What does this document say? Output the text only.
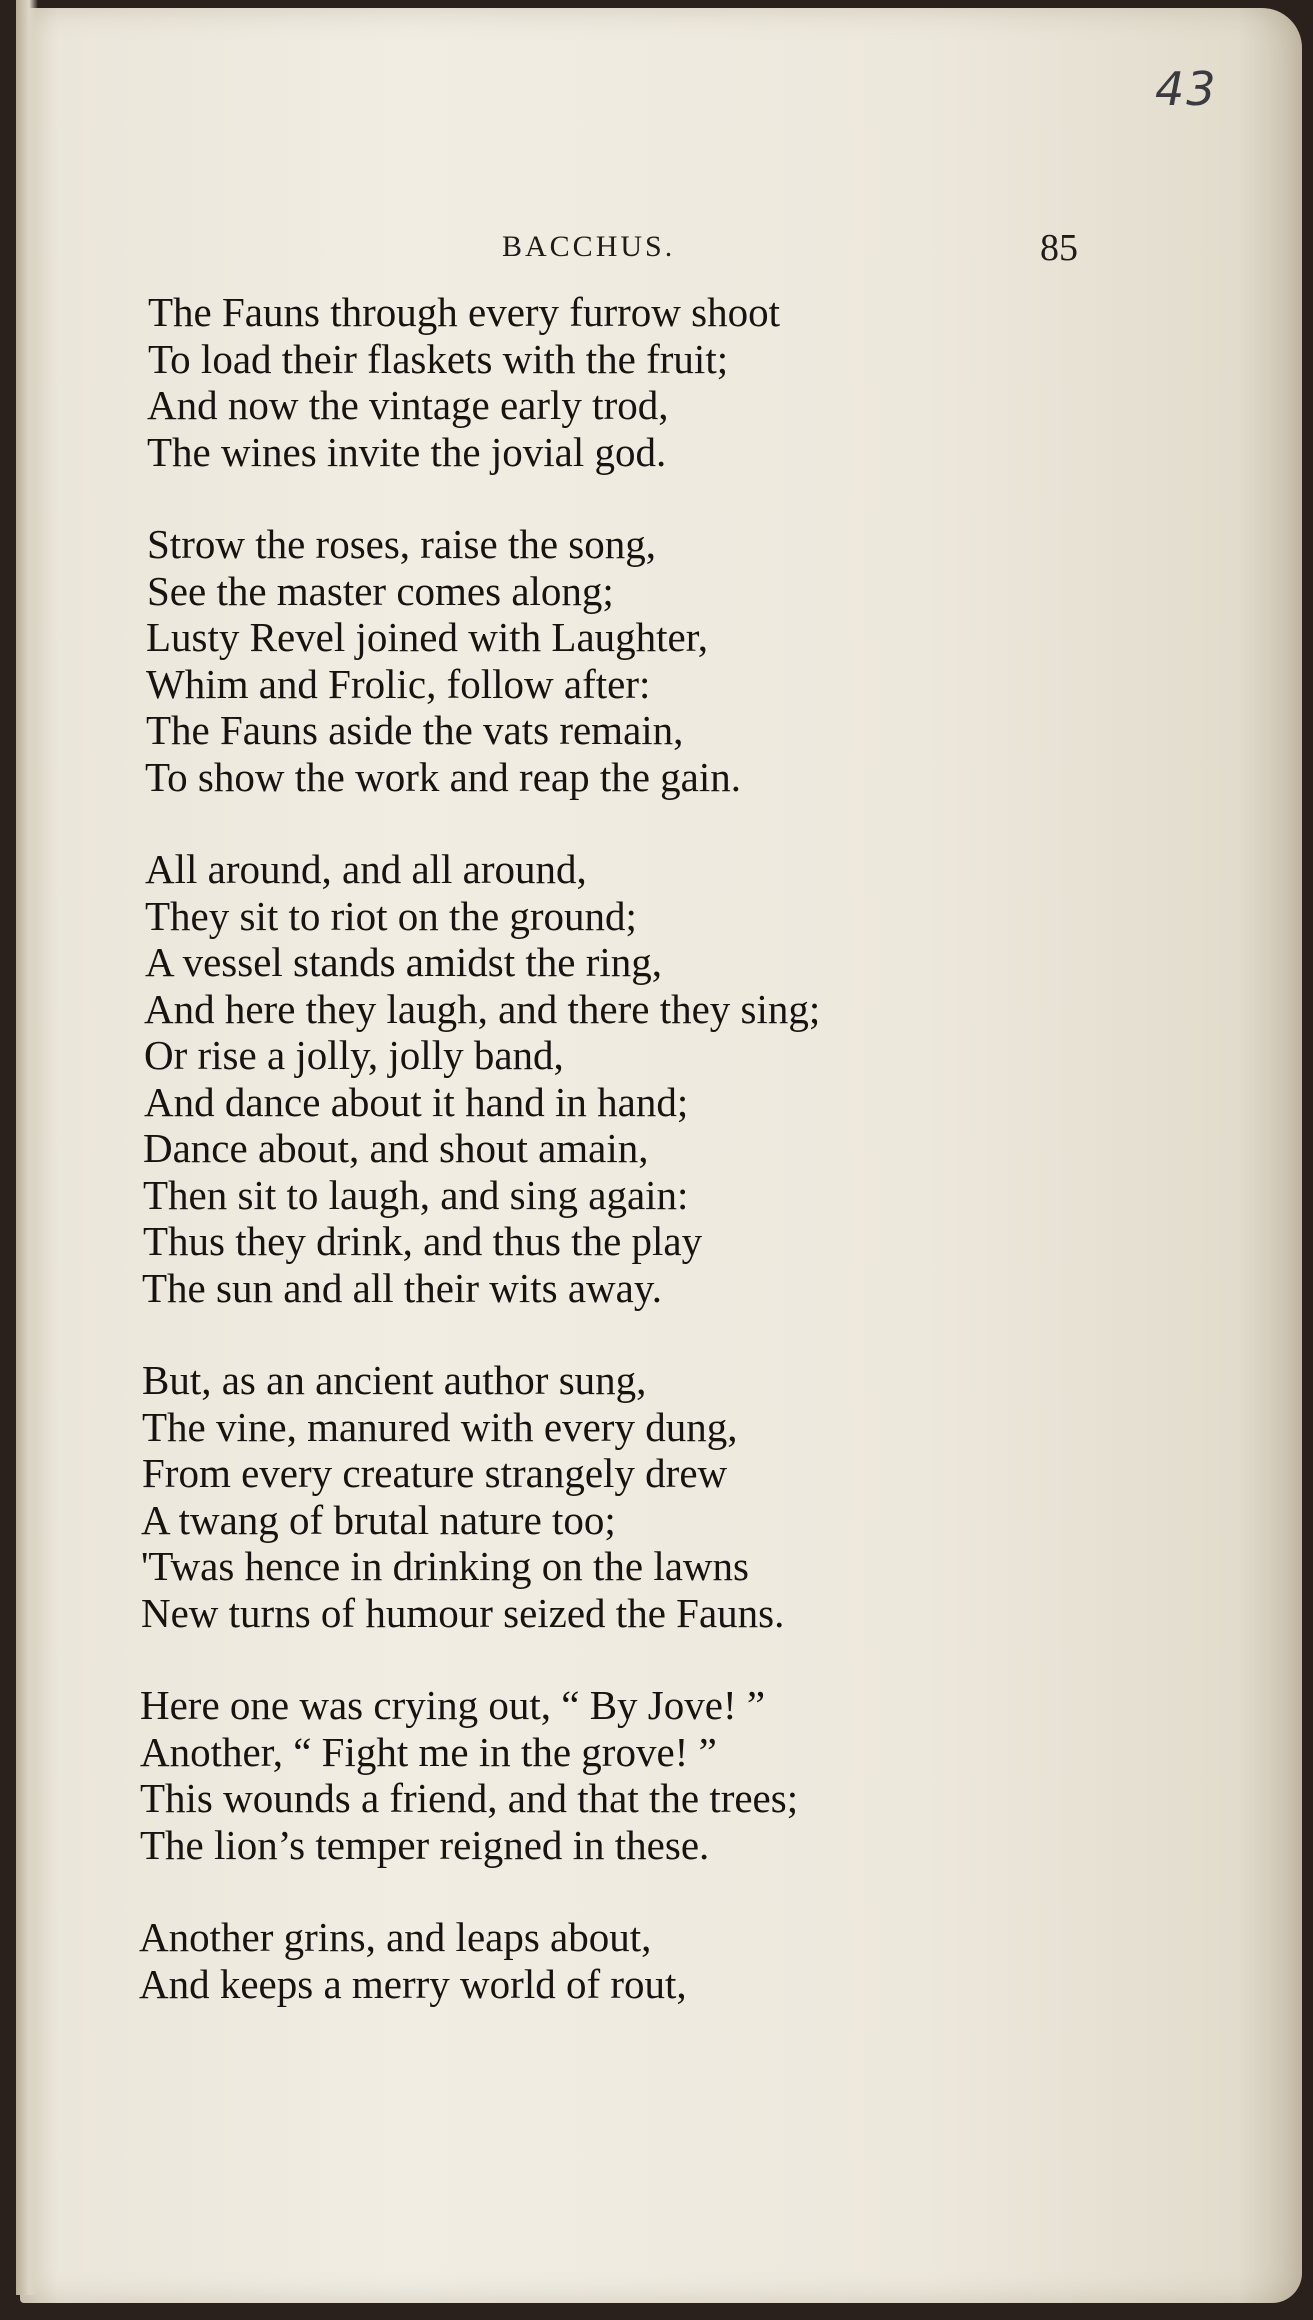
43
BACCHUS.	85
The Fauns through every furrow shoot
To load their flaskets with the fruit;
And now the vintage early trod,
The wines invite the jovial god.
Strow the roses, raise the song,
See the master comes along;
Lusty Revel joined with Laughter,
Whim and Frolic, follow after:
The Fauns aside the vats remain,
To show the work and reap the gain.
All around, and all around,
They sit to riot on the ground;
A vessel stands amidst the ring,
And here they laugh, and there they sing;
Or rise a jolly, jolly band,
And dance about it hand in hand;
Dance about, and shout amain,
Then sit to laugh, and sing again:
Thus they drink, and thus the play
The sun and all their wits away.
But, as an ancient author sung,
The vine, manured with every dung,
From every creature strangely drew
A twang of brutal nature too;
'Twas hence in drinking on the lawns
New turns of humour seized the Fauns.
Here one was crying out, “ By Jove! ”
Another, “ Fight me in the grove! ”
This wounds a friend, and that the trees;
The lion’s temper reigned in these.
Another grins, and leaps about,
And keeps a merry world of rout,
